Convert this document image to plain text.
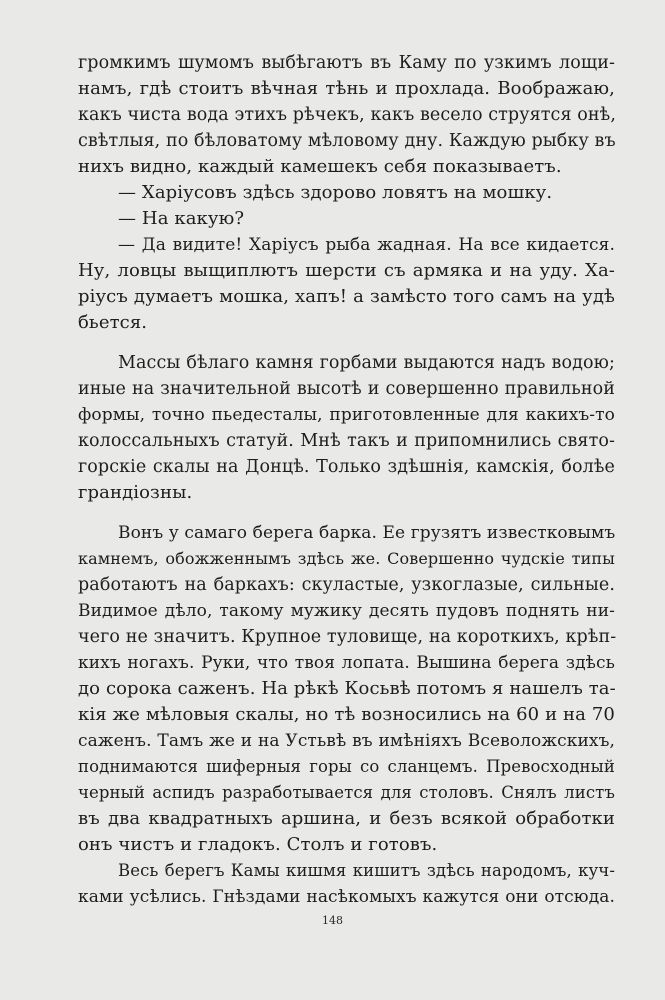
громкимъ шумомъ выбѣгаютъ въ Каму по узкимъ лощи-
намъ, гдѣ стоитъ вѣчная тѣнь и прохлада. Воображаю,
какъ чиста вода этихъ рѣчекъ, какъ весело струятся онѣ,
свѣтлыя, по бѣловатому мѣловому дну. Каждую рыбку въ
нихъ видно, каждый камешекъ себя показываетъ.
— Харіусовъ здѣсь здорово ловятъ на мошку.
— На какую?
— Да видите! Харіусъ рыба жадная. На все кидается.
Ну, ловцы выщиплютъ шерсти съ армяка и на уду. Ха-
ріусъ думаетъ мошка, хапъ! а замѣсто того самъ на удѣ
бьется.
Массы бѣлаго камня горбами выдаются надъ водою;
иные на значительной высотѣ и совершенно правильной
формы, точно пьедесталы, приготовленные для какихъ-то
колоссальныхъ статуй. Мнѣ такъ и припомнились свято-
горскіе скалы на Донцѣ. Только здѣшнія, камскія, болѣе
грандіозны.
Вонъ у самаго берега барка. Ее грузятъ известковымъ
камнемъ, обожженнымъ здѣсь же. Совершенно чудскіе типы
работаютъ на баркахъ: скуластые, узкоглазые, сильные.
Видимое дѣло, такому мужику десять пудовъ поднять ни-
чего не значитъ. Крупное туловище, на короткихъ, крѣп-
кихъ ногахъ. Руки, что твоя лопата. Вышина берега здѣсь
до сорока саженъ. На рѣкѣ Косьвѣ потомъ я нашелъ та-
кія же мѣловыя скалы, но тѣ возносились на 60 и на 70
саженъ. Тамъ же и на Устьвѣ въ имѣніяхъ Всеволожскихъ,
поднимаются шиферныя горы со сланцемъ. Превосходный
черный аспидъ разработывается для столовъ. Снялъ листъ
въ два квадратныхъ аршина, и безъ всякой обработки
онъ чистъ и гладокъ. Столъ и готовъ.
Весь берегъ Камы кишмя кишитъ здѣсь народомъ, куч-
ками усѣлись. Гнѣздами насѣкомыхъ кажутся они отсюда.
148
